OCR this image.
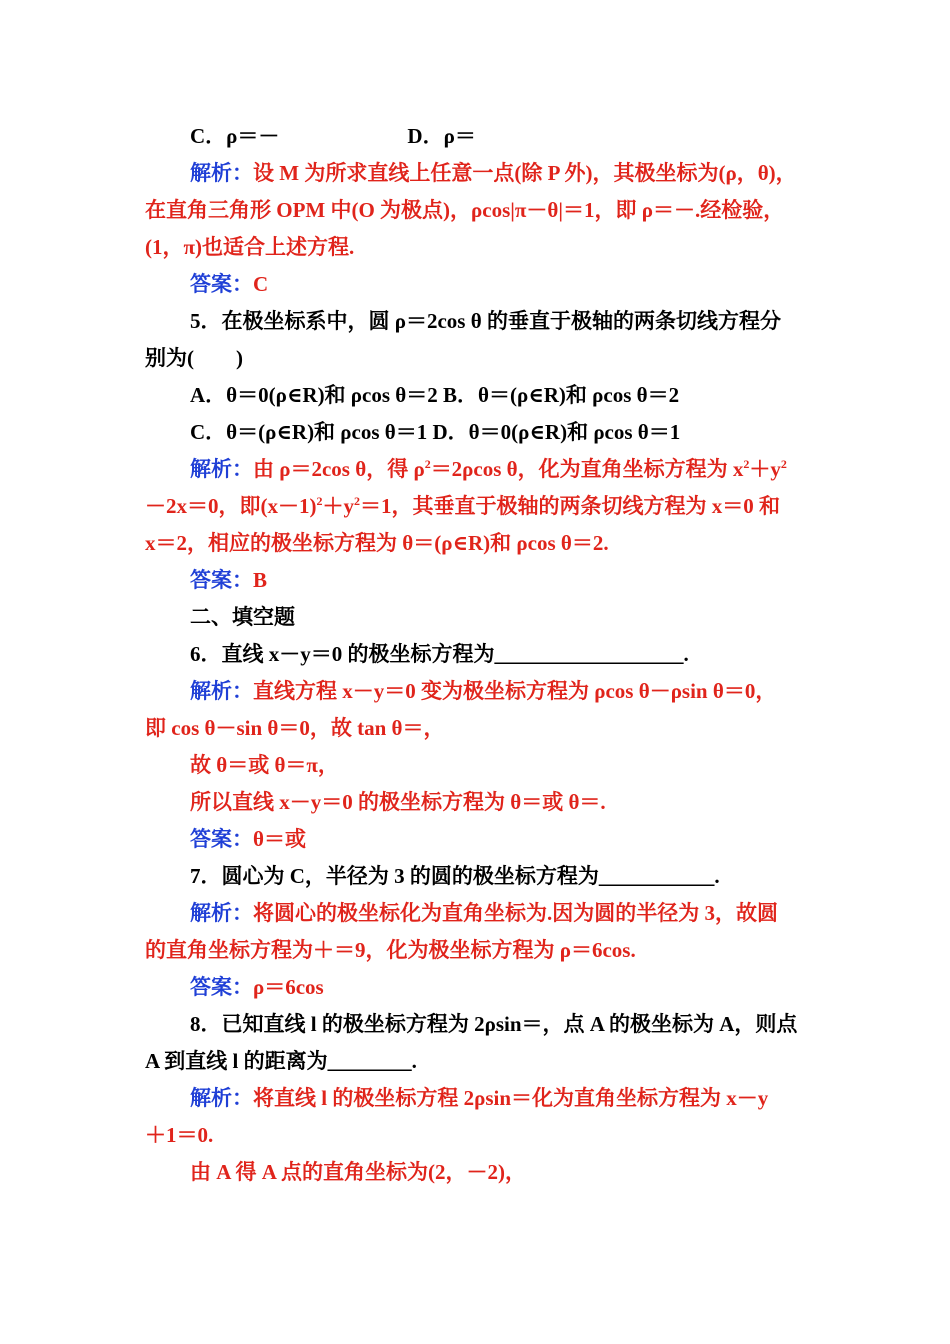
C．ρ＝－	D．ρ＝
解析：设 M 为所求直线上任意一点(除 P 外)，其极坐标为(ρ，θ)，
在直角三角形 OPM 中(O 为极点)，ρcos|π－θ|＝1，即 ρ＝－.经检验，
(1，π)也适合上述方程.
答案：C
5．在极坐标系中，圆 ρ＝2cos θ 的垂直于极轴的两条切线方程分
别为(　　)
A．θ＝0(ρ∈R)和 ρcos θ＝2 B．θ＝(ρ∈R)和 ρcos θ＝2
C．θ＝(ρ∈R)和 ρcos θ＝1 D．θ＝0(ρ∈R)和 ρcos θ＝1
解析：由 ρ＝2cos θ，得 $\rho^2=2\rho\cos$ θ，化为直角坐标方程为 $x^2+y^2$
－2x＝0，即$(x-1)^2+y^2=1$，其垂直于极轴的两条切线方程为 x＝0 和
x＝2，相应的极坐标方程为 θ＝(ρ∈R)和 ρcos θ＝2.
答案：B
二、填空题
6．直线 x－y＝0 的极坐标方程为__________________.
解析：直线方程 x－y＝0 变为极坐标方程为 ρcos θ－ρsin θ＝0，
即 cos θ－sin θ＝0，故 tan θ＝，
故 θ＝或 θ＝π，
所以直线 x－y＝0 的极坐标方程为 θ＝或 θ＝.
答案：θ＝或
7．圆心为 C，半径为 3 的圆的极坐标方程为___________.
解析：将圆心的极坐标化为直角坐标为.因为圆的半径为 3，故圆
的直角坐标方程为＋＝9，化为极坐标方程为 ρ＝6cos.
答案：ρ＝6cos
8．已知直线 l 的极坐标方程为 2ρsin＝，点 A 的极坐标为 A，则点
A 到直线 l 的距离为________.
解析：将直线 l 的极坐标方程 2ρsin＝化为直角坐标方程为 x－y
＋1＝0.
由 A 得 A 点的直角坐标为(2，－2)，
